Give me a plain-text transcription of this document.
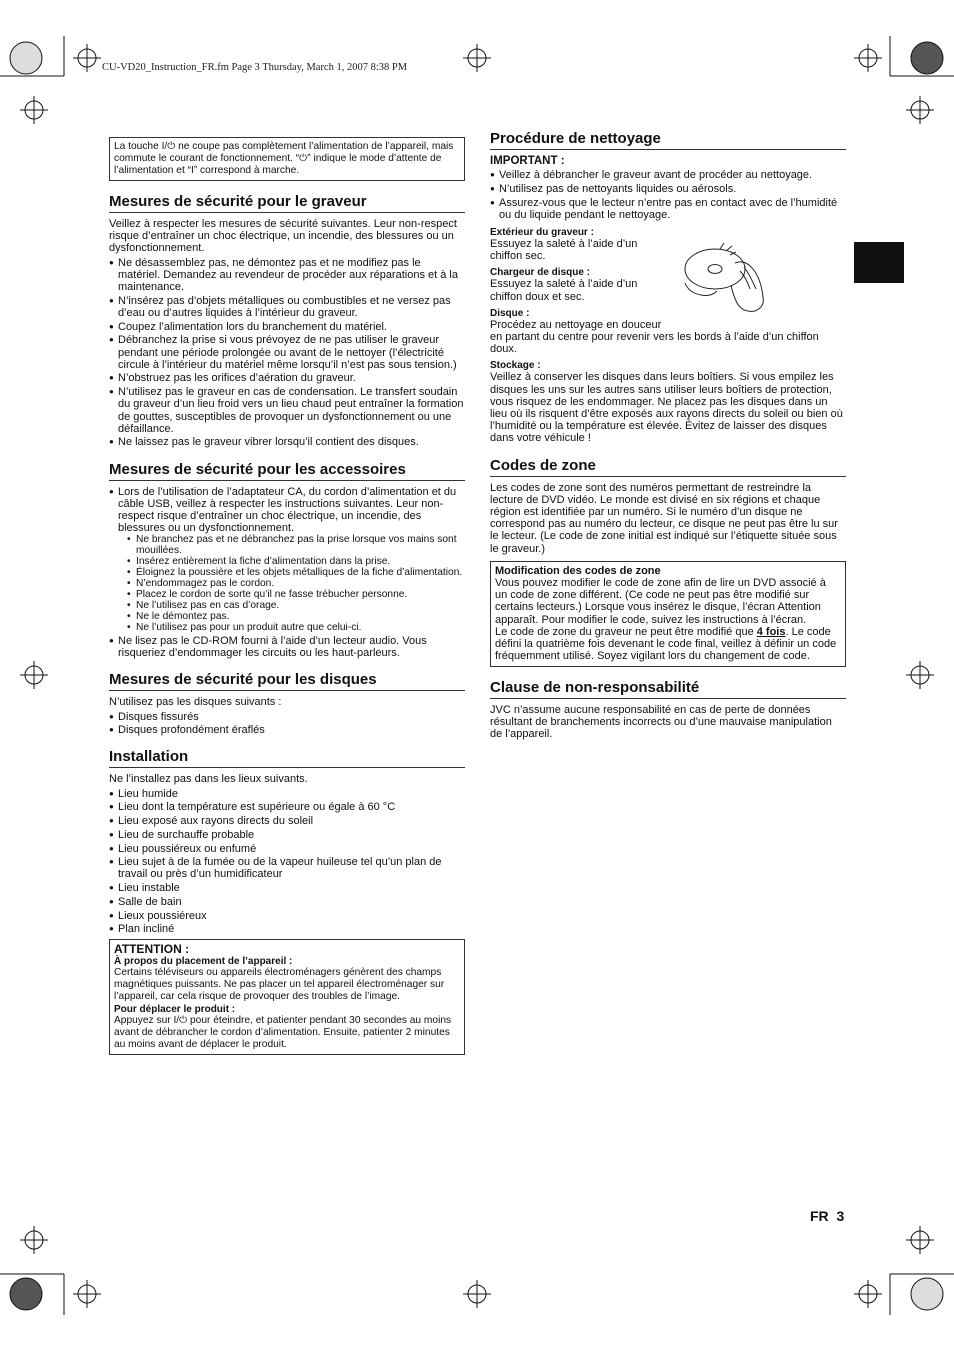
CU-VD20_Instruction_FR.fm Page 3 Thursday, March 1, 2007 8:38 PM
La touche I/⏻ ne coupe pas complètement l’alimentation de l’appareil, mais commute le courant de fonctionnement. “⏻” indique le mode d’attente de l’alimentation et “I” correspond à marche.
Mesures de sécurité pour le graveur

Veillez à respecter les mesures de sécurité suivantes. Leur non-respect risque d’entraîner un choc électrique, un incendie, des blessures ou un dysfonctionnement.

● Ne désassemblez pas, ne démontez pas et ne modifiez pas le matériel. Demandez au revendeur de procéder aux réparations et à la maintenance.
● N’insérez pas d’objets métalliques ou combustibles et ne versez pas d’eau ou d’autres liquides à l’intérieur du graveur.
● Coupez l’alimentation lors du branchement du matériel.
● Débranchez la prise si vous prévoyez de ne pas utiliser le graveur pendant une période prolongée ou avant de le nettoyer (l’électricité circule à l’intérieur du matériel même lorsqu’il n’est pas sous tension.)
● N’obstruez pas les orifices d’aération du graveur.
● N’utilisez pas le graveur en cas de condensation. Le transfert soudain du graveur d’un lieu froid vers un lieu chaud peut entraîner la formation de gouttes, susceptibles de provoquer un dysfonctionnement ou une défaillance.
● Ne laissez pas le graveur vibrer lorsqu’il contient des disques.
Mesures de sécurité pour les accessoires
● Lors de l’utilisation de l’adaptateur CA, du cordon d’alimentation et du câble USB, veillez à respecter les instructions suivantes. Leur non-respect risque d’entraîner un choc électrique, un incendie, des blessures ou un dysfonctionnement.
• Ne branchez pas et ne débranchez pas la prise lorsque vos mains sont mouillées.
• Insérez entièrement la fiche d’alimentation dans la prise.
• Éloignez la poussière et les objets métalliques de la fiche d’alimentation.
• N’endommagez pas le cordon.
• Placez le cordon de sorte qu’il ne fasse trébucher personne.
• Ne l’utilisez pas en cas d’orage.
• Ne le démontez pas.
• Ne l’utilisez pas pour un produit autre que celui-ci.
● Ne lisez pas le CD-ROM fourni à l’aide d’un lecteur audio. Vous risqueriez d’endommager les circuits ou les haut-parleurs.
Mesures de sécurité pour les disques

N’utilisez pas les disques suivants :

● Disques fissurés
● Disques profondément éraflés
Installation

Ne l’installez pas dans les lieux suivants.

● Lieu humide
● Lieu dont la température est supérieure ou égale à 60 °C
● Lieu exposé aux rayons directs du soleil
● Lieu de surchauffe probable
● Lieu poussiéreux ou enfumé
● Lieu sujet à de la fumée ou de la vapeur huileuse tel qu’un plan de travail ou près d’un humidificateur
● Lieu instable
● Salle de bain
● Lieux poussiéreux
● Plan incliné
ATTENTION :
À propos du placement de l’appareil :
Certains téléviseurs ou appareils électroménagers génèrent des champs magnétiques puissants. Ne pas placer un tel appareil électroménager sur l’appareil, car cela risque de provoquer des troubles de l’image.
Pour déplacer le produit :
Appuyez sur I/⏻ pour éteindre, et patienter pendant 30 secondes au moins avant de débrancher le cordon d’alimentation. Ensuite, patienter 2 minutes au moins avant de déplacer le produit.
Procédure de nettoyage
IMPORTANT :
● Veillez à débrancher le graveur avant de procéder au nettoyage.
● N’utilisez pas de nettoyants liquides ou aérosols.
● Assurez-vous que le lecteur n’entre pas en contact avec de l’humidité ou du liquide pendant le nettoyage.
Extérieur du graveur :
Essuyez la saleté à l’aide d’un chiffon sec.
Chargeur de disque :
Essuyez la saleté à l’aide d’un chiffon doux et sec.
Disque :
Procédez au nettoyage en douceur
en partant du centre pour revenir vers les bords à l’aide d’un chiffon doux.
Stockage :
Veillez à conserver les disques dans leurs boîtiers. Si vous empilez les disques les uns sur les autres sans utiliser leurs boîtiers de protection, vous risquez de les endommager. Ne placez pas les disques dans un lieu où ils risquent d’être exposés aux rayons directs du soleil ou bien où l’humidité ou la température est élevée. Évitez de laisser des disques dans votre véhicule !
Codes de zone

Les codes de zone sont des numéros permettant de restreindre la lecture de DVD vidéo. Le monde est divisé en six régions et chaque région est identifiée par un numéro. Si le numéro d’un disque ne correspond pas au numéro du lecteur, ce disque ne peut pas être lu sur le lecteur. (Le code de zone initial est indiqué sur l’étiquette située sous le graveur.)

Modification des codes de zone
Vous pouvez modifier le code de zone afin de lire un DVD associé à un code de zone différent. (Ce code ne peut pas être modifié sur certains lecteurs.) Lorsque vous insérez le disque, l’écran Attention apparaît. Pour modifier le code, suivez les instructions à l’écran.
Le code de zone du graveur ne peut être modifié que 4 fois. Le code défini la quatrième fois devenant le code final, veillez à définir un code fréquemment utilisé. Soyez vigilant lors du changement de code.
Clause de non-responsabilité

JVC n’assume aucune responsabilité en cas de perte de données résultant de branchements incorrects ou d’une mauvaise manipulation de l’appareil.

FR 3
